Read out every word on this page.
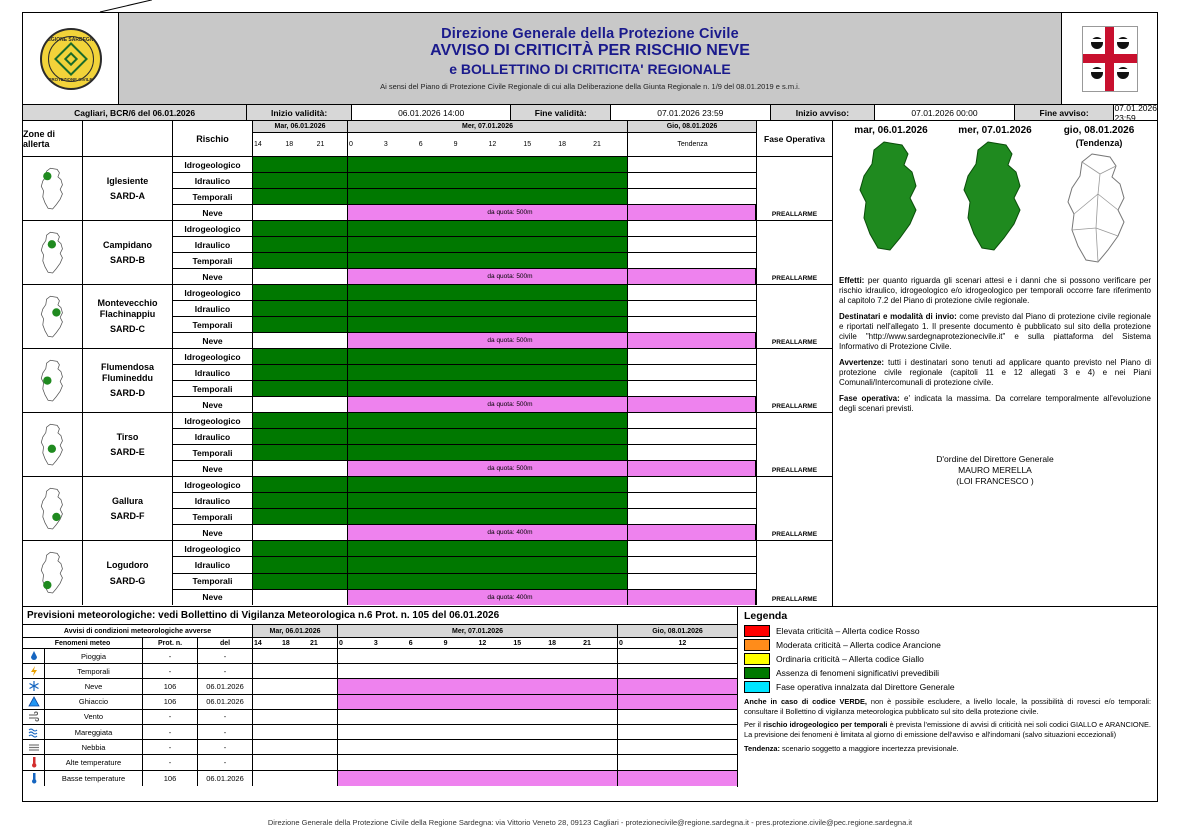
REGIONE SARDEGNA
PROTEZIONE CIVILE
Direzione Generale della Protezione Civile
AVVISO DI CRITICITÀ PER RISCHIO NEVE
e BOLLETTINO DI CRITICITA' REGIONALE
Ai sensi del Piano di Protezione Civile Regionale di cui alla Deliberazione della Giunta Regionale n. 1/9 del 08.01.2019 e s.m.i.
Cagliari, BCR/6 del 06.01.2026	Inizio validità:	06.01.2026 14:00	Fine validità:	07.01.2026 23:59	Inizio avviso:	07.01.2026 00:00	Fine avviso:	07.01.2026 23:59
Zone di allerta	Rischio
Mar, 06.01.2026	Mer, 07.01.2026	Gio, 08.01.2026
14	18	21	0	3	6	9	12	15	18	21	Tendenza
Fase Operativa
Iglesiente
SARD-A
Idrogeologico
Idraulico
Temporali
Neve	da quota: 500m	PREALLARME
Campidano
SARD-B
Idrogeologico
Idraulico
Temporali
Neve	da quota: 500m	PREALLARME
Montevecchio
Flachinappiu
SARD-C
Idrogeologico
Idraulico
Temporali
Neve	da quota: 500m	PREALLARME
Flumendosa
Flumineddu
SARD-D
Idrogeologico
Idraulico
Temporali
Neve	da quota: 500m	PREALLARME
Tirso
SARD-E
Idrogeologico
Idraulico
Temporali
Neve	da quota: 500m	PREALLARME
Gallura
SARD-F
Idrogeologico
Idraulico
Temporali
Neve	da quota: 400m	PREALLARME
Logudoro
SARD-G
Idrogeologico
Idraulico
Temporali
Neve	da quota: 400m	PREALLARME
mar, 06.01.2026	mer, 07.01.2026	gio, 08.01.2026
(Tendenza)
Effetti: per quanto riguarda gli scenari attesi e i danni che si possono verificare per rischio idraulico, idrogeologico e/o idrogeologico per temporali occorre fare riferimento al capitolo 7.2 del Piano di protezione civile regionale.
Destinatari e modalità di invio: come previsto dal Piano di protezione civile regionale e riportati nell'allegato 1. Il presente documento è pubblicato sul sito della protezione civile "http://www.sardegnaprotezionecivile.it" e sulla piattaforma del Sistema Informativo di Protezione Civile.
Avvertenze: tutti i destinatari sono tenuti ad applicare quanto previsto nel Piano di protezione civile regionale (capitoli 11 e 12 allegati 3 e 4) e nei Piani Comunali/Intercomunali di protezione civile.
Fase operativa: e' indicata la massima. Da correlare temporalmente all'evoluzione degli scenari previsti.
D'ordine del Direttore Generale
MAURO MERELLA
(LOI FRANCESCO )
Previsioni meteorologiche: vedi Bollettino di Vigilanza Meteorologica n.6 Prot. n. 105 del 06.01.2026
Avvisi di condizioni meteorologiche avverse	Mar, 06.01.2026	Mer, 07.01.2026	Gio, 08.01.2026
Fenomeni meteo	Prot. n.	del	14	18	21	0	3	6	9	12	15	18	21	0	12
Pioggia	-	-
Temporali	-	-
Neve	106	06.01.2026
Ghiaccio	106	06.01.2026
Vento	-	-
Mareggiata	-	-
Nebbia	-	-
Alte temperature	-	-
Basse temperature	106	06.01.2026
Legenda
Elevata criticità – Allerta codice Rosso
Moderata criticità – Allerta codice Arancione
Ordinaria criticità – Allerta codice Giallo
Assenza di fenomeni significativi prevedibili
Fase operativa innalzata dal Direttore Generale
Anche in caso di codice VERDE, non è possibile escludere, a livello locale, la possibilità di rovesci e/o temporali: consultare il Bollettino di vigilanza meteorologica pubblicato sul sito della protezione civile.
Per il rischio idrogeologico per temporali è prevista l'emissione di avvisi di criticità nei soli codici GIALLO e ARANCIONE. La previsione dei fenomeni è limitata al giorno di emissione dell'avviso e all'indomani (salvo situazioni eccezionali)
Tendenza: scenario soggetto a maggiore incertezza previsionale.
Direzione Generale della Protezione Civile della Regione Sardegna: via Vittorio Veneto 28, 09123 Cagliari - protezionecivile@regione.sardegna.it - pres.protezione.civile@pec.regione.sardegna.it
